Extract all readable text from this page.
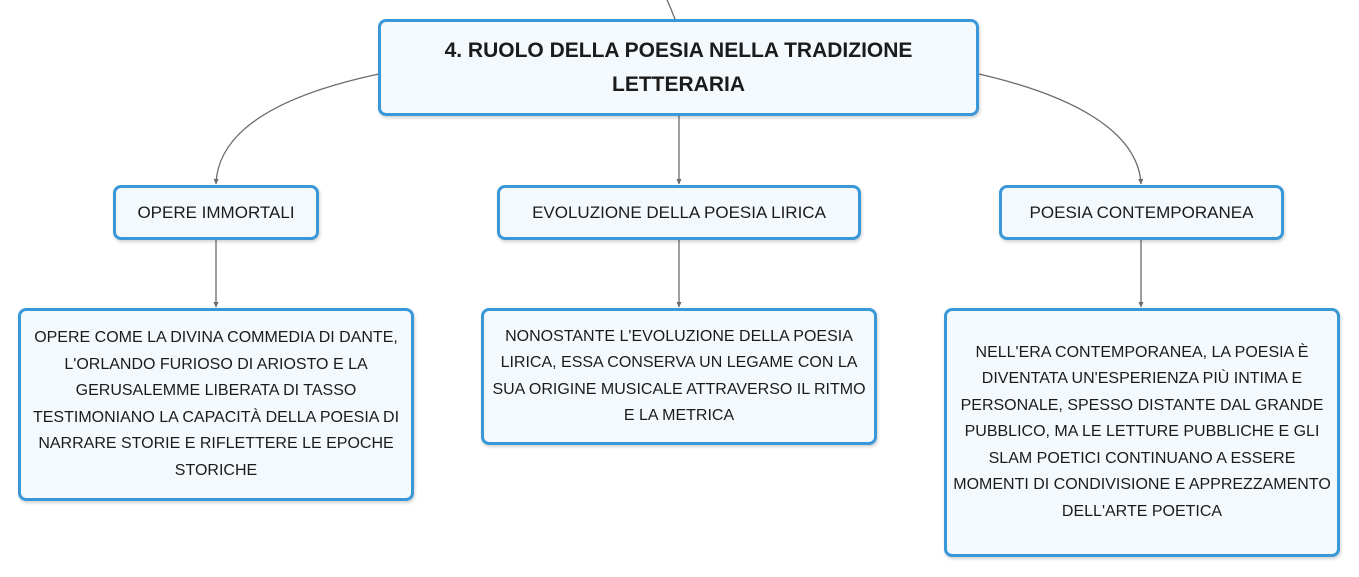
4. RUOLO DELLA POESIA NELLA TRADIZIONE LETTERARIA
OPERE IMMORTALI	EVOLUZIONE DELLA POESIA LIRICA	POESIA CONTEMPORANEA
OPERE COME LA DIVINA COMMEDIA DI DANTE, L'ORLANDO FURIOSO DI ARIOSTO E LA GERUSALEMME LIBERATA DI TASSO TESTIMONIANO LA CAPACITÀ DELLA POESIA DI NARRARE STORIE E RIFLETTERE LE EPOCHE STORICHE
NONOSTANTE L'EVOLUZIONE DELLA POESIA LIRICA, ESSA CONSERVA UN LEGAME CON LA SUA ORIGINE MUSICALE ATTRAVERSO IL RITMO E LA METRICA
NELL'ERA CONTEMPORANEA, LA POESIA È DIVENTATA UN'ESPERIENZA PIÙ INTIMA E PERSONALE, SPESSO DISTANTE DAL GRANDE PUBBLICO, MA LE LETTURE PUBBLICHE E GLI SLAM POETICI CONTINUANO A ESSERE MOMENTI DI CONDIVISIONE E APPREZZAMENTO DELL'ARTE POETICA
